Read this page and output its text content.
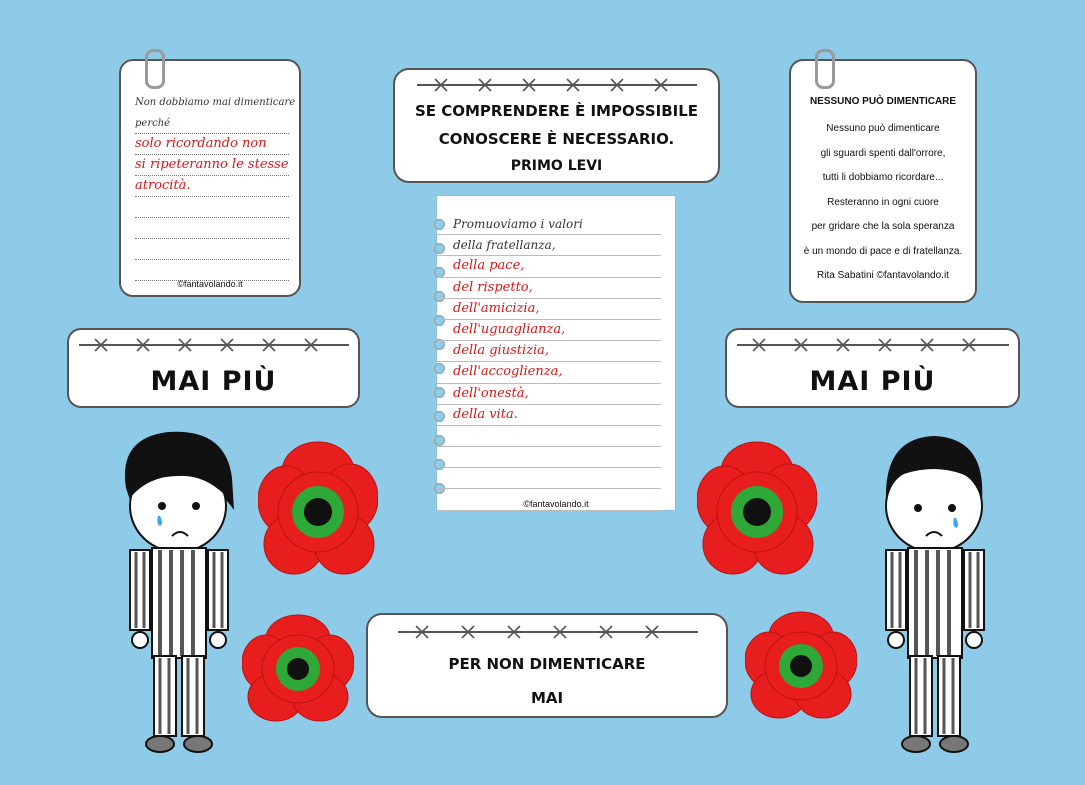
Non dobbiamo mai dimenticare
perché
solo ricordando non
si ripeteranno le stesse
atrocità.
©fantavolando.it
SE COMPRENDERE È IMPOSSIBILE
CONOSCERE È NECESSARIO.
PRIMO LEVI
NESSUNO PUÒ DIMENTICARE
Nessuno può dimenticare
gli sguardi spenti dall'orrore,
tutti li dobbiamo ricordare...
Resteranno in ogni cuore
per gridare che la sola speranza
è un mondo di pace e di fratellanza.
Rita Sabatini ©fantavolando.it
Promuoviamo i valori
della fratellanza,
della pace,
del rispetto,
dell'amicizia,
dell'uguaglianza,
della giustizia,
dell'accoglienza,
dell'onestà,
della vita.
©fantavolando.it
MAI PIÙ	MAI PIÙ
PER NON DIMENTICARE
MAI
